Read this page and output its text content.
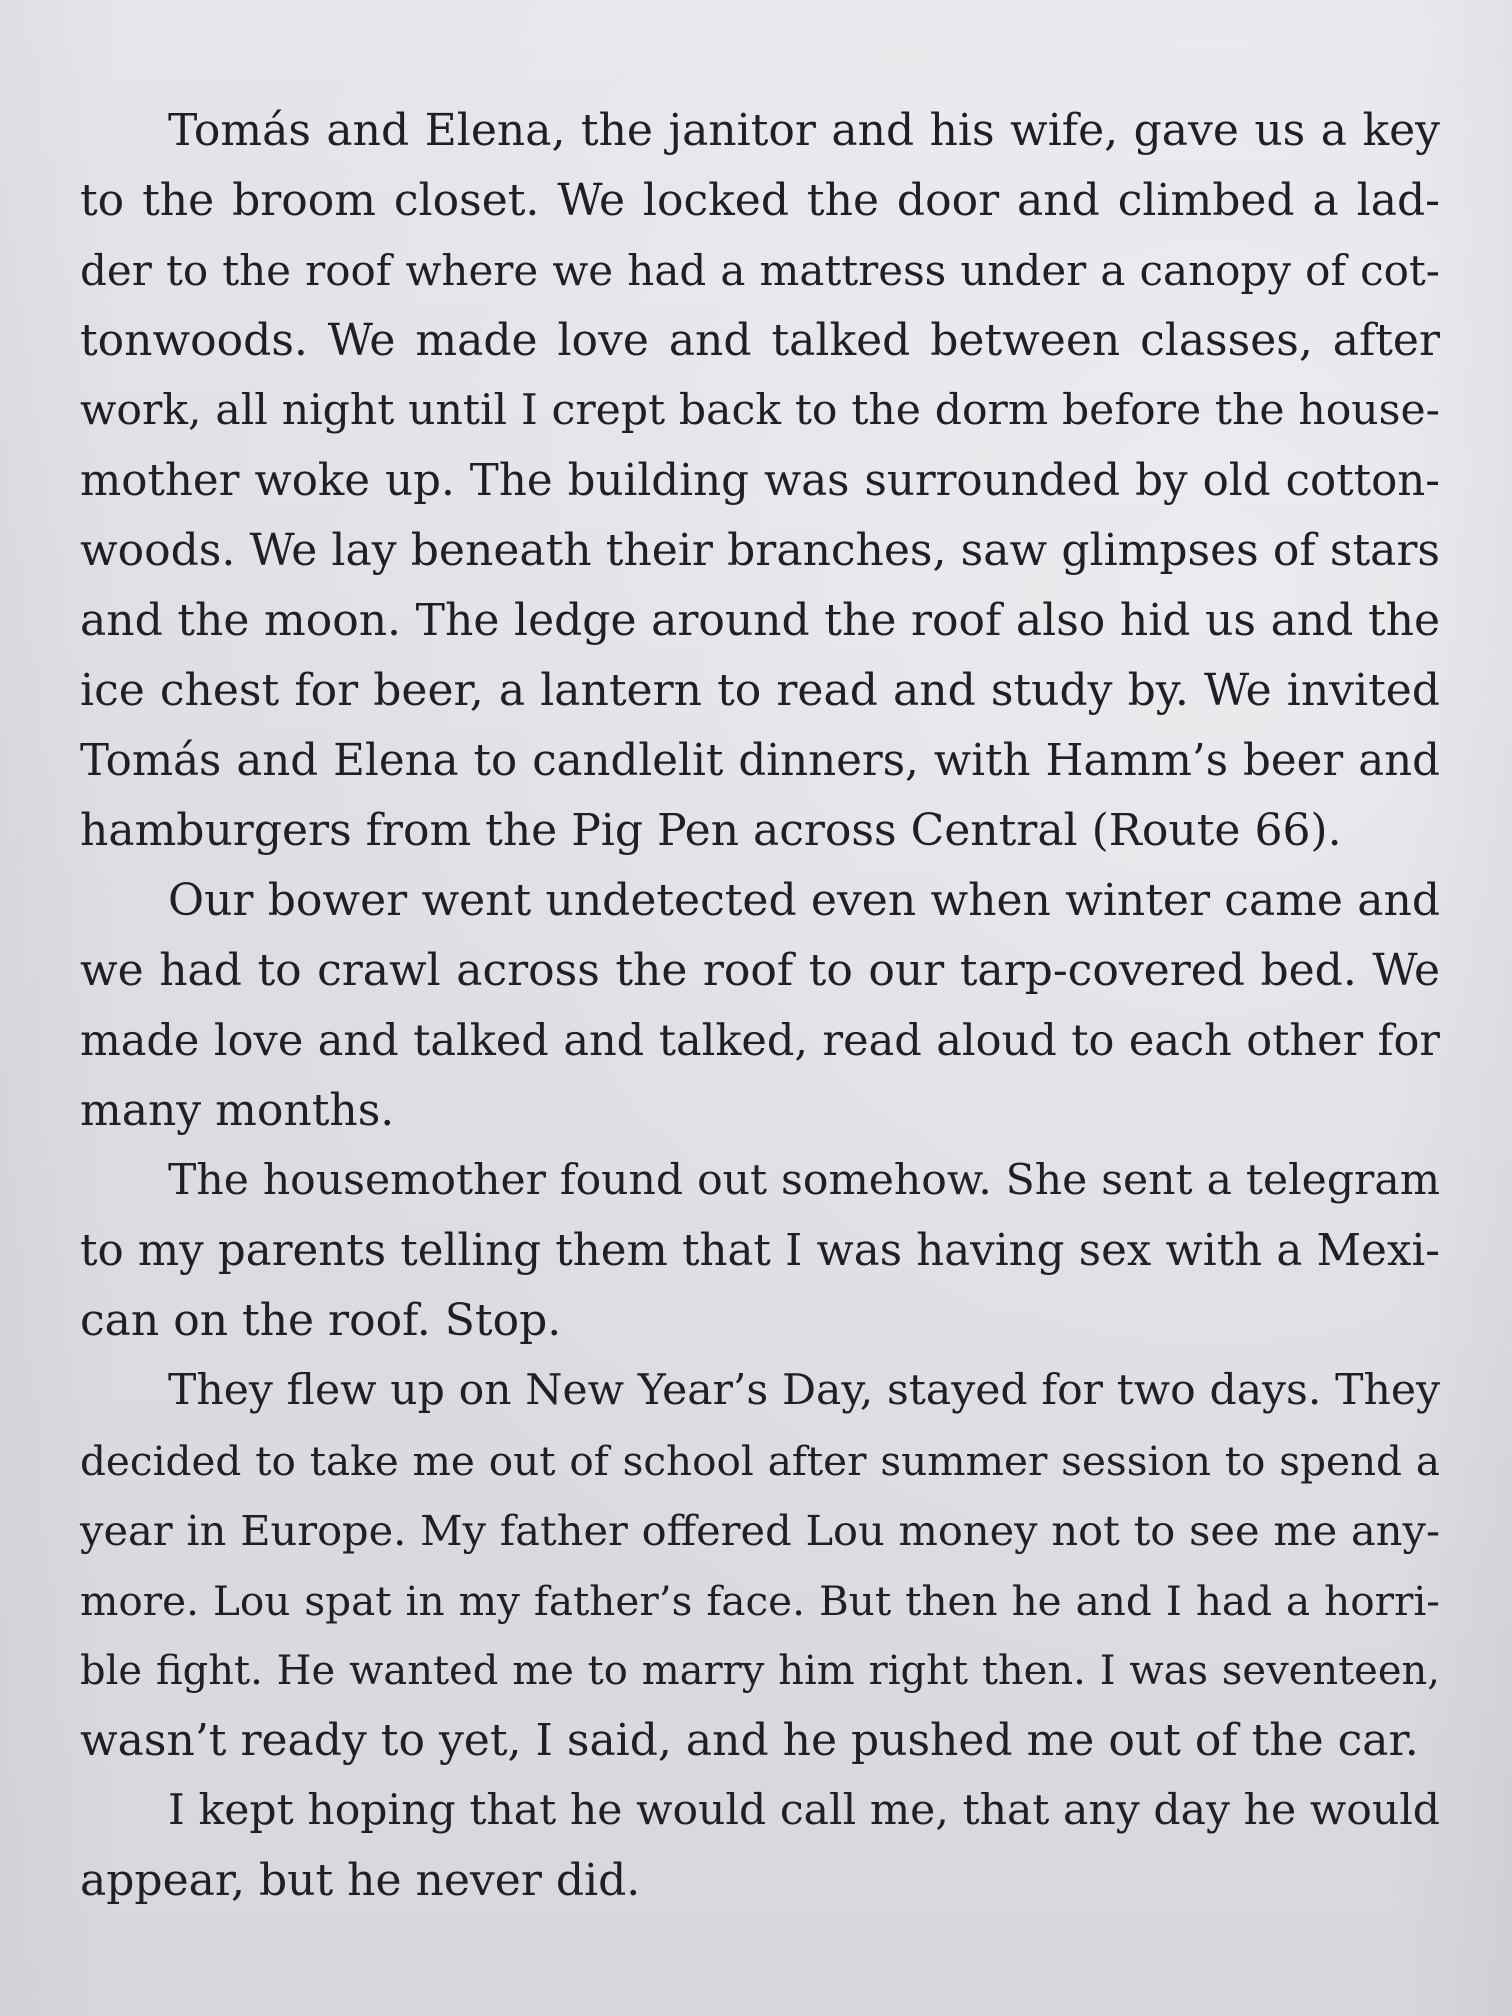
Tomás and Elena, the janitor and his wife, gave us a key
to the broom closet. We locked the door and climbed a lad-
der to the roof where we had a mattress under a canopy of cot-
tonwoods. We made love and talked between classes, after
work, all night until I crept back to the dorm before the house-
mother woke up. The building was surrounded by old cotton-
woods. We lay beneath their branches, saw glimpses of stars
and the moon. The ledge around the roof also hid us and the
ice chest for beer, a lantern to read and study by. We invited
Tomás and Elena to candlelit dinners, with Hamm’s beer and
hamburgers from the Pig Pen across Central (Route 66).
Our bower went undetected even when winter came and
we had to crawl across the roof to our tarp-covered bed. We
made love and talked and talked, read aloud to each other for
many months.
The housemother found out somehow. She sent a telegram
to my parents telling them that I was having sex with a Mexi-
can on the roof. Stop.
They flew up on New Year’s Day, stayed for two days. They
decided to take me out of school after summer session to spend a
year in Europe. My father offered Lou money not to see me any-
more. Lou spat in my father’s face. But then he and I had a horri-
ble fight. He wanted me to marry him right then. I was seventeen,
wasn’t ready to yet, I said, and he pushed me out of the car.
I kept hoping that he would call me, that any day he would
appear, but he never did.
